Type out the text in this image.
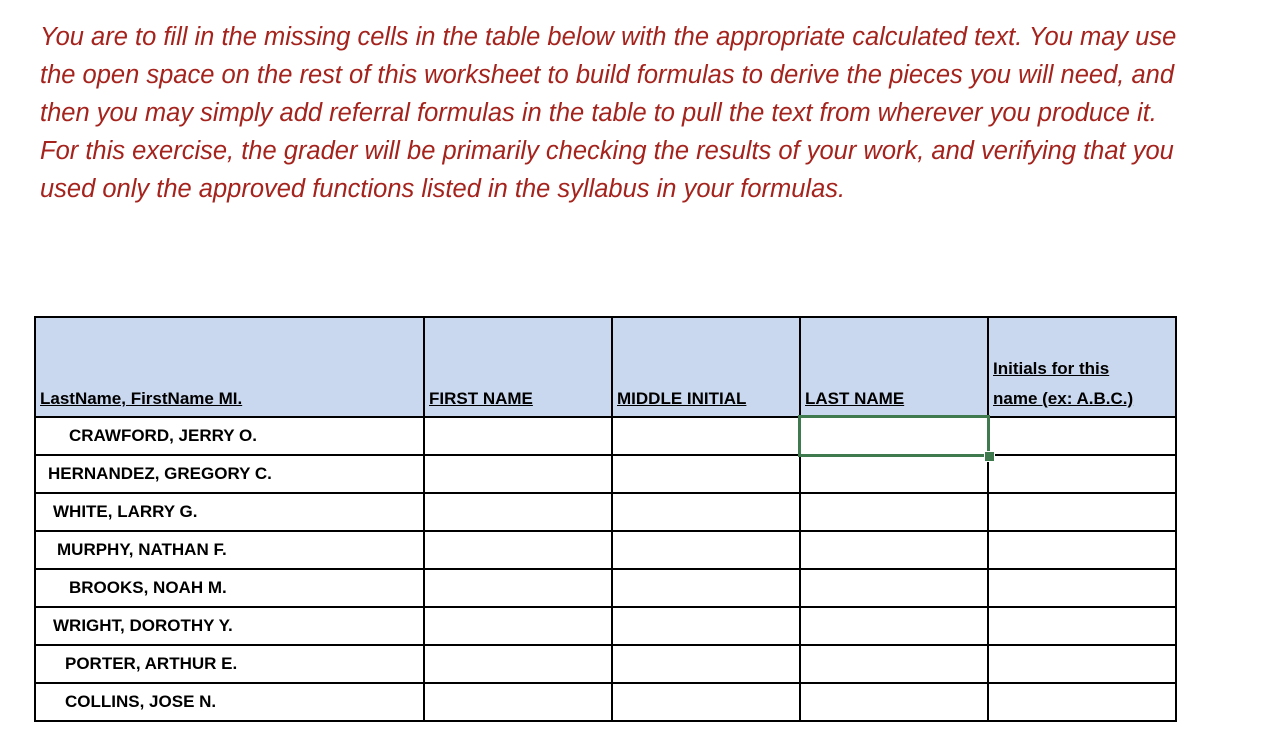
You are to fill in the missing cells in the table below with the appropriate calculated text. You may use the open space on the rest of this worksheet to build formulas to derive the pieces you will need, and then you may simply add referral formulas in the table to pull the text from wherever you produce it. For this exercise, the grader will be primarily checking the results of your work, and verifying that you used only the approved functions listed in the syllabus in your formulas.

LastName, FirstName MI.	FIRST NAME	MIDDLE INITIAL	LAST NAME	Initials for this
name (ex: A.B.C.)
CRAWFORD, JERRY O.			

HERNANDEZ, GREGORY C.				
WHITE, LARRY G.				
MURPHY, NATHAN F.				
BROOKS, NOAH M.				
WRIGHT, DOROTHY Y.				
PORTER, ARTHUR E.				
COLLINS, JOSE N.				
